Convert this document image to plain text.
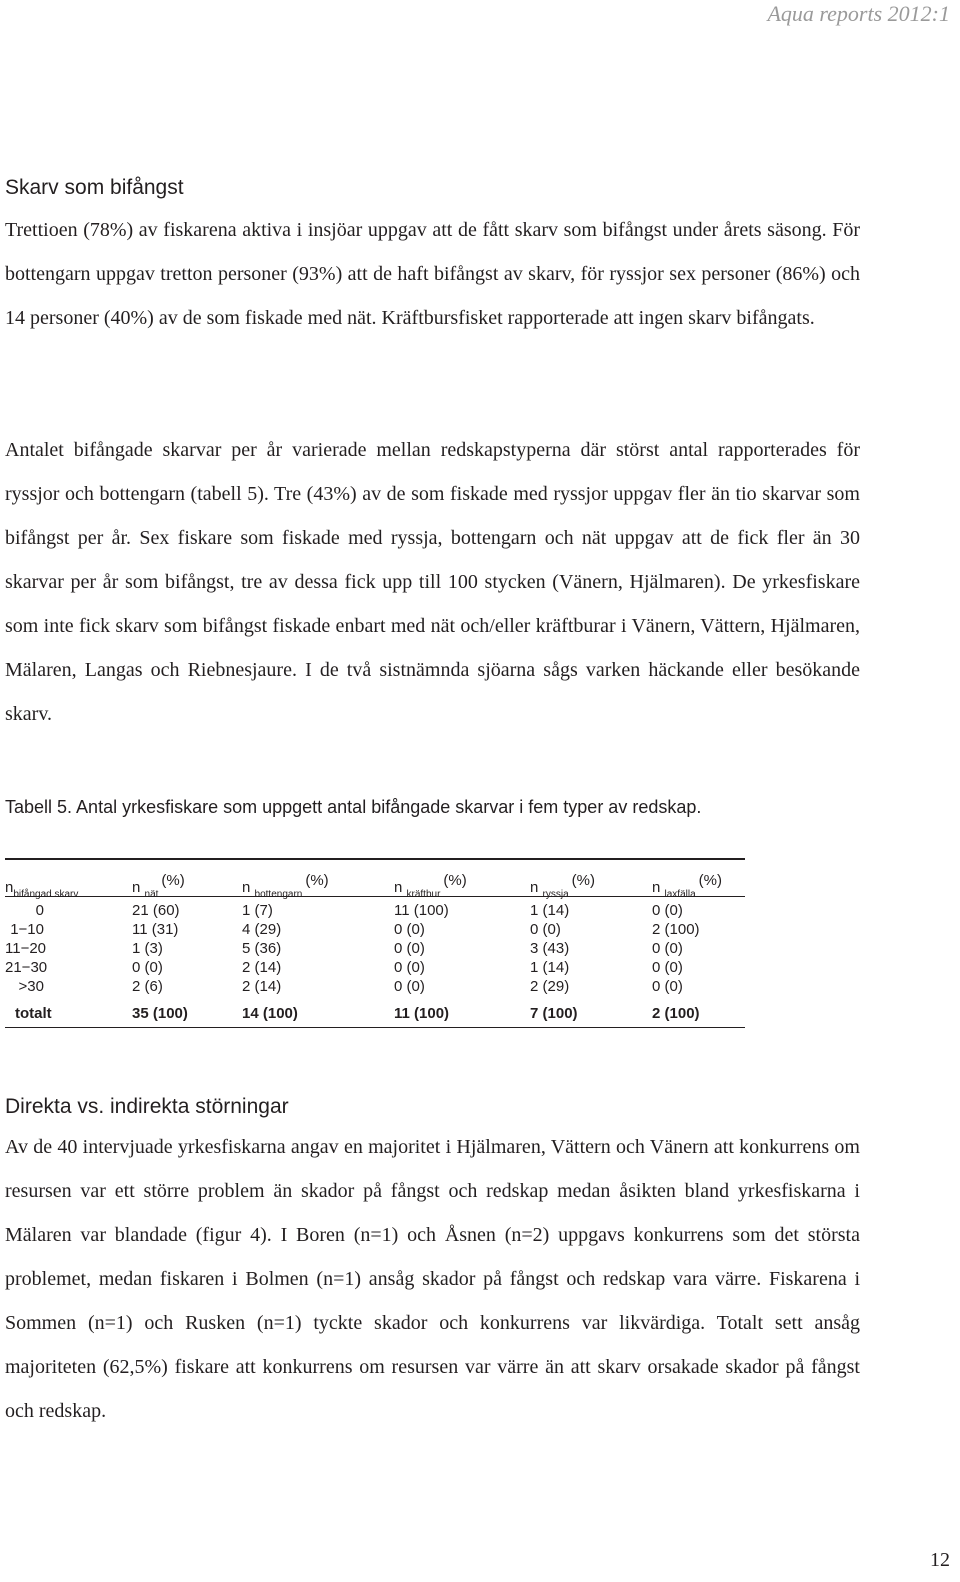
Aqua reports 2012:1
Skarv som bifångst
Trettioen (78%) av fiskarena aktiva i insjöar uppgav att de fått skarv som bifångst under årets säsong. För bottengarn uppgav tretton personer (93%) att de haft bifångst av skarv, för ryssjor sex personer (86%) och 14 personer (40%) av de som fiskade med nät. Kräftbursfisket rapporterade att ingen skarv bifångats.
Antalet bifångade skarvar per år varierade mellan redskapstyperna där störst antal rapporterades för ryssjor och bottengarn (tabell 5). Tre (43%) av de som fiskade med ryssjor uppgav fler än tio skarvar som bifångst per år. Sex fiskare som fiskade med ryssja, bottengarn och nät uppgav att de fick fler än 30 skarvar per år som bifångst, tre av dessa fick upp till 100 stycken (Vänern, Hjälmaren). De yrkesfiskare som inte fick skarv som bifångst fiskade enbart med nät och/eller kräftburar i Vänern, Vättern, Hjälmaren, Mälaren, Langas och Riebnesjaure. I de två sistnämnda sjöarna sågs varken häckande eller besökande skarv.
Tabell 5. Antal yrkesfiskare som uppgett antal bifångade skarvar i fem typer av redskap.
$n_{bifångad skarv}$	n $_{nät}$(%)	n $_{bottengarn}$(%)	n $_{kräftbur}$(%)	n $_{ryssja}$(%)	n $_{laxfälla}$(%)
0	21 (60)	1 (7)	11 (100)	1 (14)	0 (0)
1−10	11 (31)	4 (29)	0 (0)	0 (0)	2 (100)
11−20	1 (3)	5 (36)	0 (0)	3 (43)	0 (0)
21−30	0 (0)	2 (14)	0 (0)	1 (14)	0 (0)
>30	2 (6)	2 (14)	0 (0)	2 (29)	0 (0)
totalt	35 (100)	14 (100)	11 (100)	7 (100)	2 (100)
Direkta vs. indirekta störningar
Av de 40 intervjuade yrkesfiskarna angav en majoritet i Hjälmaren, Vättern och Vänern att konkurrens om resursen var ett större problem än skador på fångst och redskap medan åsikten bland yrkesfiskarna i Mälaren var blandade (figur 4). I Boren (n=1) och Åsnen (n=2) uppgavs konkurrens som det största problemet, medan fiskaren i Bolmen (n=1) ansåg skador på fångst och redskap vara värre. Fiskarena i Sommen (n=1) och Rusken (n=1) tyckte skador och konkurrens var likvärdiga. Totalt sett ansåg majoriteten (62,5%) fiskare att konkurrens om resursen var värre än att skarv orsakade skador på fångst och redskap.
12
